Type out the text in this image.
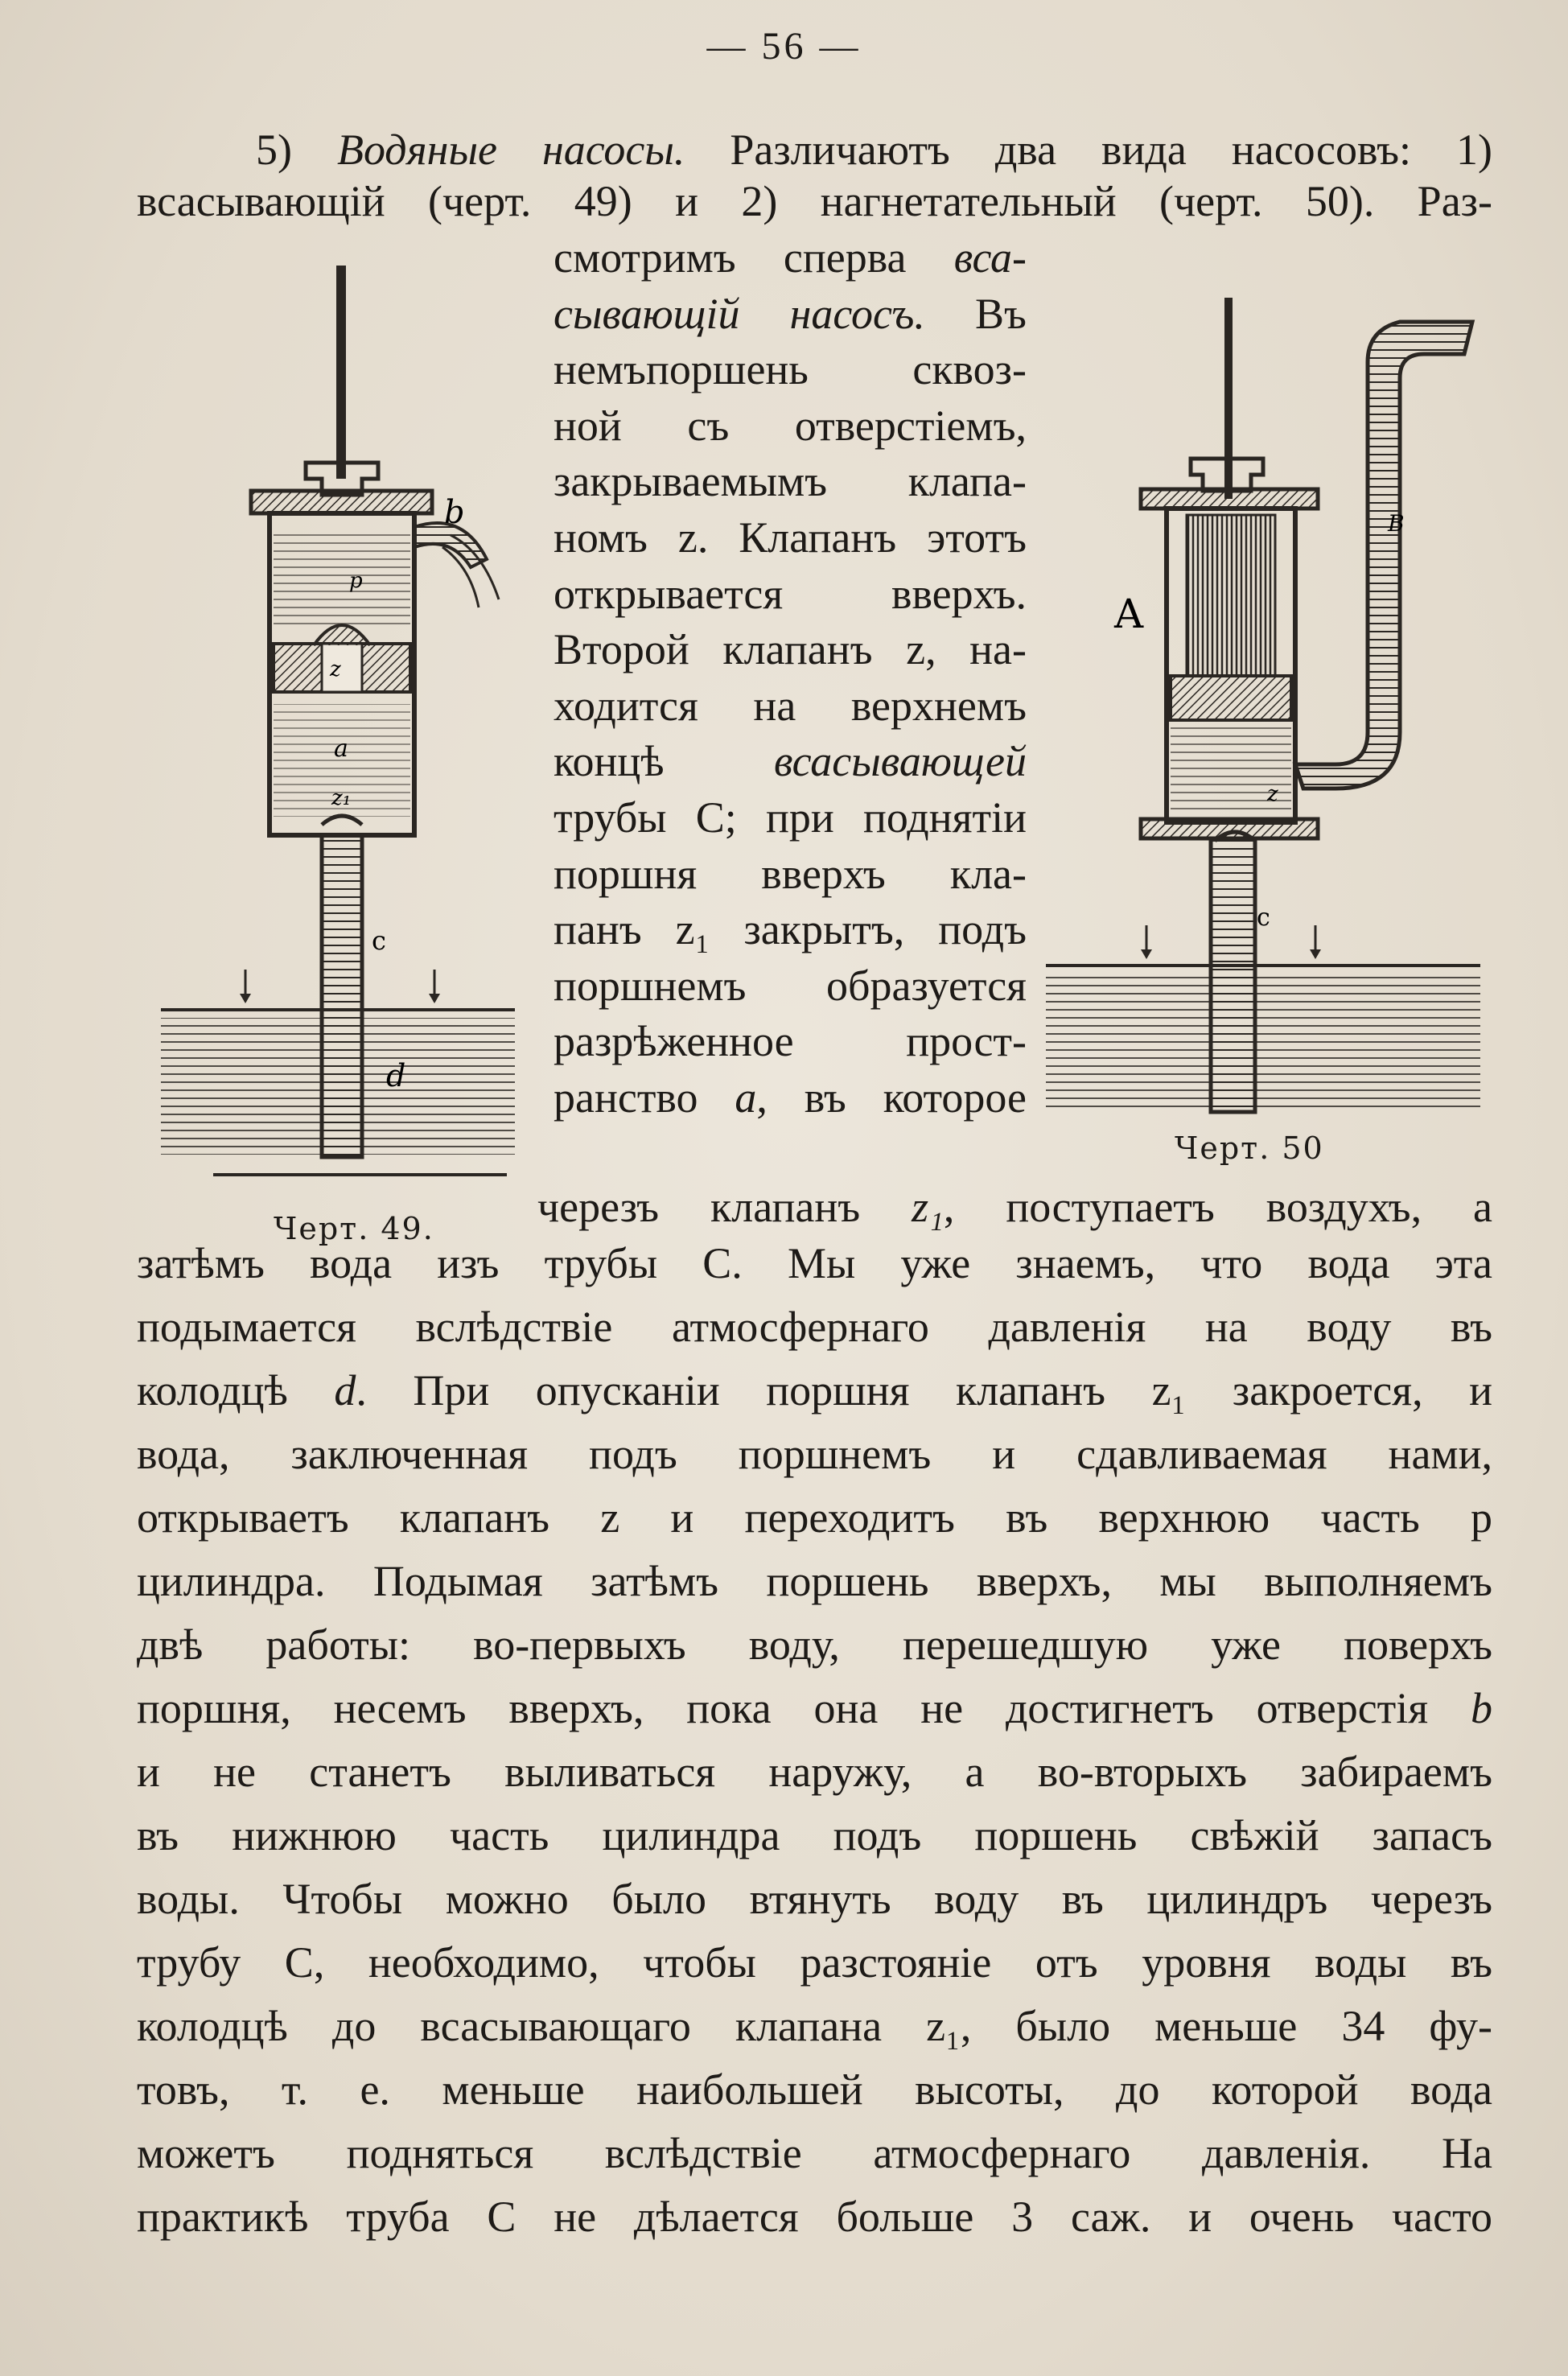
— 56 —
5) Водяные насосы. Различаютъ два вида насосовъ: 1)
всасывающій (черт. 49) и 2) нагнетательный (черт. 50). Раз-
смотримъ сперва вса-
сывающій насосъ. Въ
немъпоршень сквоз-
ной съ отверстіемъ,
закрываемымъ клапа-
номъ z. Клапанъ этотъ
открывается вверхъ.
Второй клапанъ z, на-
ходится на верхнемъ
концѣ всасывающей
трубы С; при поднятіи
поршня вверхъ кла-
панъ z₁ закрытъ, подъ
поршнемъ образуется
разрѣженное прост-
ранство a, въ которое
черезъ клапанъ z₁, поступаетъ воздухъ, а
затѣмъ вода изъ трубы С. Мы уже знаемъ, что вода эта
подымается вслѣдствіе атмосфернаго давленія на воду въ
колодцѣ d. При опусканіи поршня клапанъ z₁ закроется, и
вода, заключенная подъ поршнемъ и сдавливаемая нами,
открываетъ клапанъ z и переходитъ въ верхнюю часть р
цилиндра. Подымая затѣмъ поршень вверхъ, мы выполняемъ
двѣ работы: во-первыхъ воду, перешедшую уже поверхъ
поршня, несемъ вверхъ, пока она не достигнетъ отверстія b
и не станетъ выливаться наружу, а во-вторыхъ забираемъ
въ нижнюю часть цилиндра подъ поршень свѣжій запасъ
воды. Чтобы можно было втянуть воду въ цилиндръ черезъ
трубу С, необходимо, чтобы разстояніе отъ уровня воды въ
колодцѣ до всасывающаго клапана z₁, было меньше 34 фу-
товъ, т. е. меньше наибольшей высоты, до которой вода
можетъ подняться вслѣдствіе атмосфернаго давленія. На
практикѣ труба С не дѣлается больше 3 саж. и очень часто
b
p
z
a
z₁
c
d
Черт. 49.
A
B
z
c
Черт. 50
